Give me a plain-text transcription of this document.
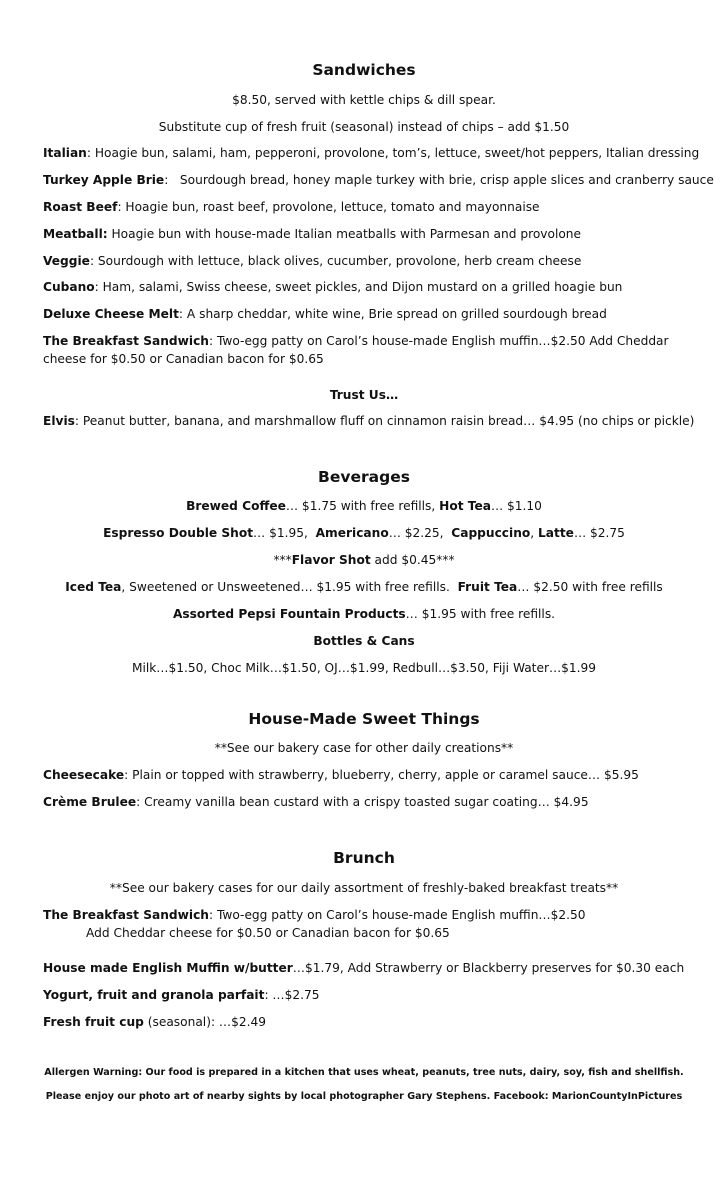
Sandwiches
$8.50, served with kettle chips & dill spear.
Substitute cup of fresh fruit (seasonal) instead of chips – add $1.50
Italian: Hoagie bun, salami, ham, pepperoni, provolone, tom’s, lettuce, sweet/hot peppers, Italian dressing
Turkey Apple Brie:   Sourdough bread, honey maple turkey with brie, crisp apple slices and cranberry sauce
Roast Beef: Hoagie bun, roast beef, provolone, lettuce, tomato and mayonnaise
Meatball: Hoagie bun with house-made Italian meatballs with Parmesan and provolone
Veggie: Sourdough with lettuce, black olives, cucumber, provolone, herb cream cheese
Cubano: Ham, salami, Swiss cheese, sweet pickles, and Dijon mustard on a grilled hoagie bun
Deluxe Cheese Melt: A sharp cheddar, white wine, Brie spread on grilled sourdough bread
The Breakfast Sandwich: Two-egg patty on Carol’s house-made English muffin…$2.50 Add Cheddar cheese for $0.50 or Canadian bacon for $0.65
Trust Us…
Elvis: Peanut butter, banana, and marshmallow fluff on cinnamon raisin bread… $4.95 (no chips or pickle)
Beverages
Brewed Coffee… $1.75 with free refills, Hot Tea… $1.10
Espresso Double Shot… $1.95,  Americano… $2.25,  Cappuccino, Latte… $2.75
***Flavor Shot add $0.45***
Iced Tea, Sweetened or Unsweetened… $1.95 with free refills.  Fruit Tea… $2.50 with free refills
Assorted Pepsi Fountain Products… $1.95 with free refills.
Bottles & Cans
Milk…$1.50, Choc Milk…$1.50, OJ…$1.99, Redbull…$3.50, Fiji Water…$1.99
House-Made Sweet Things
**See our bakery case for other daily creations**
Cheesecake: Plain or topped with strawberry, blueberry, cherry, apple or caramel sauce… $5.95
Crème Brulee: Creamy vanilla bean custard with a crispy toasted sugar coating… $4.95
Brunch
**See our bakery cases for our daily assortment of freshly-baked breakfast treats**
The Breakfast Sandwich: Two-egg patty on Carol’s house-made English muffin…$2.50
Add Cheddar cheese for $0.50 or Canadian bacon for $0.65
House made English Muffin w/butter…$1.79, Add Strawberry or Blackberry preserves for $0.30 each
Yogurt, fruit and granola parfait: …$2.75
Fresh fruit cup (seasonal): …$2.49
Allergen Warning: Our food is prepared in a kitchen that uses wheat, peanuts, tree nuts, dairy, soy, fish and shellfish.
Please enjoy our photo art of nearby sights by local photographer Gary Stephens. Facebook: MarionCountyInPictures
